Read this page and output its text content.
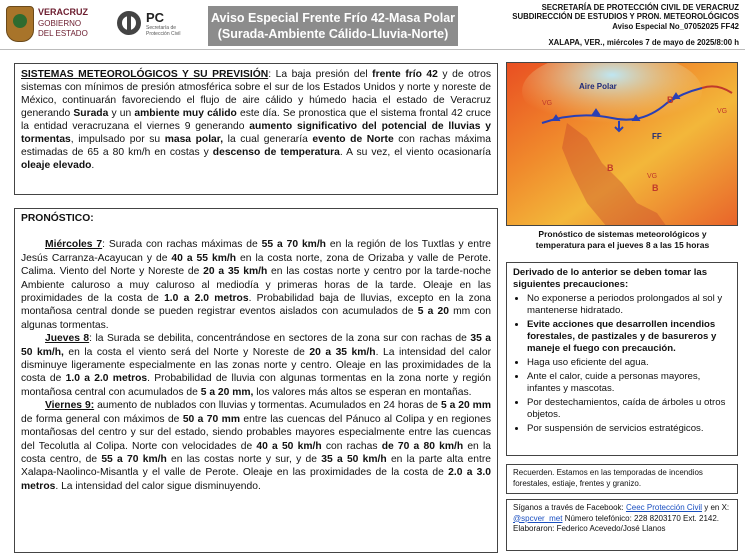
VERACRUZ
GOBIERNO
DEL ESTADO
PC
Secretaría de
Protección Civil
Aviso Especial Frente Frío 42-Masa Polar
(Surada-Ambiente Cálido-Lluvia-Norte)
SECRETARÍA DE PROTECCIÓN CIVIL DE VERACRUZ
SUBDIRECCIÓN DE ESTUDIOS Y PRON. METEOROLÓGICOS
Aviso Especial No_07052025 FF42
XALAPA, VER., miércoles 7 de mayo de 2025/8:00 h

SISTEMAS METEOROLÓGICOS Y SU PREVISIÓN: La baja presión del frente frío 42 y de otros sistemas con mínimos de presión atmosférica sobre el sur de los Estados Unidos y norte y noreste de México, continuarán favoreciendo el flujo de aire cálido y húmedo hacia el estado de Veracruz generando Surada y un ambiente muy cálido este día. Se pronostica que el sistema frontal 42 cruce la entidad veracruzana el viernes 9 generando aumento significativo del potencial de lluvias y tormentas, impulsado por su masa polar, la cual generaría evento de Norte con rachas máxima estimadas de 65 a 80 km/h en costas y descenso de temperatura. A su vez, el viento ocasionaría oleaje elevado.

PRONÓSTICO:

Miércoles 7: Surada con rachas máximas de 55 a 70 km/h en la región de los Tuxtlas y entre Jesús Carranza-Acayucan y de 40 a 55 km/h en la costa norte, zona de Orizaba y valle de Perote. Calima. Viento del Norte y Noreste de 20 a 35 km/h en las costas norte y centro por la tarde-noche Ambiente caluroso a muy caluroso al mediodía y primeras horas de la tarde. Oleaje en las proximidades de la costa de 1.0 a 2.0 metros. Probabilidad baja de lluvias, excepto en la zona montañosa central donde se pueden registrar eventos aislados con acumulados de 5 a 20 mm con algunas tormentas.

Jueves 8: la Surada se debilita, concentrándose en sectores de la zona sur con rachas de 35 a 50 km/h, en la costa el viento será del Norte y Noreste de 20 a 35 km/h. La intensidad del calor disminuye ligeramente especialmente en las zonas norte y centro. Oleaje en las proximidades de la costa de 1.0 a 2.0 metros. Probabilidad de lluvia con algunas tormentas en la zona norte y región montañosa central con acumulados de 5 a 20 mm, los valores más altos se esperan en montañas.

Viernes 9: aumento de nublados con lluvias y tormentas. Acumulados en 24 horas de 5 a 20 mm de forma general con máximos de 50 a 70 mm entre las cuencas del Pánuco al Colipa y en regiones montañosas del centro y sur del estado, siendo probables mayores especialmente entre las cuencas del Tecolutla al Colipa. Norte con velocidades de 40 a 50 km/h con rachas de 70 a 80 km/h en la costa centro, de 55 a 70 km/h en las costas norte y sur, y de 35 a 50 km/h en la parte alta entre Xalapa-Naolinco-Misantla y el valle de Perote. Oleaje en las proximidades de la costa de 2.0 a 3.0 metros. La intensidad del calor sigue disminuyendo.

Aire Polar
FF
B
B
B
VG
VG
VG
Pronóstico de sistemas meteorológicos y temperatura para el jueves 8 a las 15 horas
Derivado de lo anterior se deben tomar las siguientes precauciones:
• No exponerse a periodos prolongados al sol y mantenerse hidratado.
• Evite acciones que desarrollen incendios forestales, de pastizales y de basureros y maneje el fuego con precaución.
• Haga uso eficiente del agua.
• Ante el calor, cuide a personas mayores, infantes y mascotas.
• Por destechamientos, caída de árboles u otros objetos.
• Por suspensión de servicios estratégicos.
Recuerden. Estamos en las temporadas de incendios forestales, estiaje, frentes y granizo.
Síganos a través de Facebook: Ceec Protección Civil y en X: @spcver_met Número telefónico: 228 8203170 Ext. 2142.
Elaboraron: Federico Acevedo/José Llanos
